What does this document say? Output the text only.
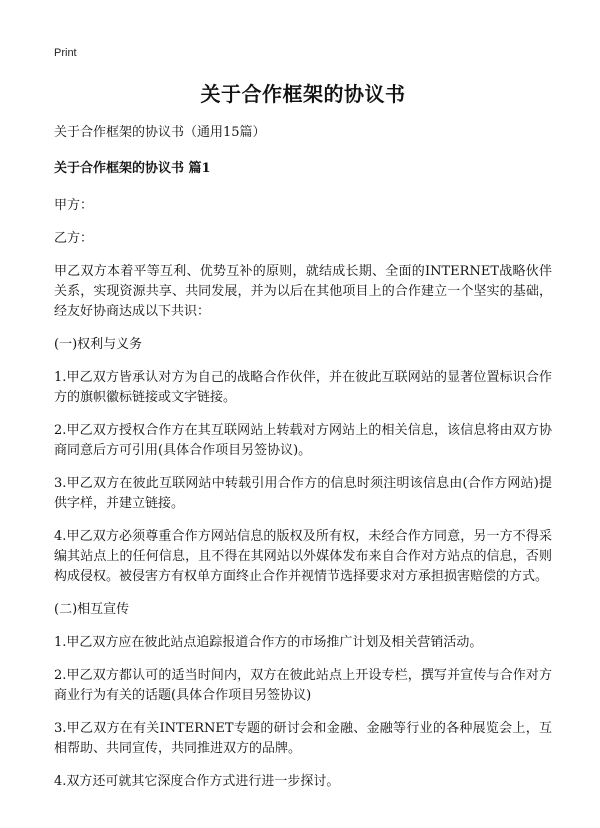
Print
关于合作框架的协议书
关于合作框架的协议书（通用15篇）
关于合作框架的协议书 篇1
甲方：
乙方：
甲乙双方本着平等互利、优势互补的原则，就结成长期、全面的INTERNET战略伙伴关系，实现资源共享、共同发展，并为以后在其他项目上的合作建立一个坚实的基础，经友好协商达成以下共识：
(一)权利与义务
1.甲乙双方皆承认对方为自己的战略合作伙伴，并在彼此互联网站的显著位置标识合作方的旗帜徽标链接或文字链接。
2.甲乙双方授权合作方在其互联网站上转载对方网站上的相关信息，该信息将由双方协商同意后方可引用(具体合作项目另签协议)。
3.甲乙双方在彼此互联网站中转载引用合作方的信息时须注明该信息由(合作方网站)提供字样，并建立链接。
4.甲乙双方必须尊重合作方网站信息的版权及所有权，未经合作方同意，另一方不得采编其站点上的任何信息，且不得在其网站以外媒体发布来自合作对方站点的信息，否则构成侵权。被侵害方有权单方面终止合作并视情节选择要求对方承担损害赔偿的方式。
(二)相互宣传
1.甲乙双方应在彼此站点追踪报道合作方的市场推广计划及相关营销活动。
2.甲乙双方都认可的适当时间内，双方在彼此站点上开设专栏，撰写并宣传与合作对方商业行为有关的话题(具体合作项目另签协议)
3.甲乙双方在有关INTERNET专题的研讨会和金融、金融等行业的各种展览会上，互相帮助、共同宣传，共同推进双方的品牌。
4.双方还可就其它深度合作方式进行进一步探讨。
